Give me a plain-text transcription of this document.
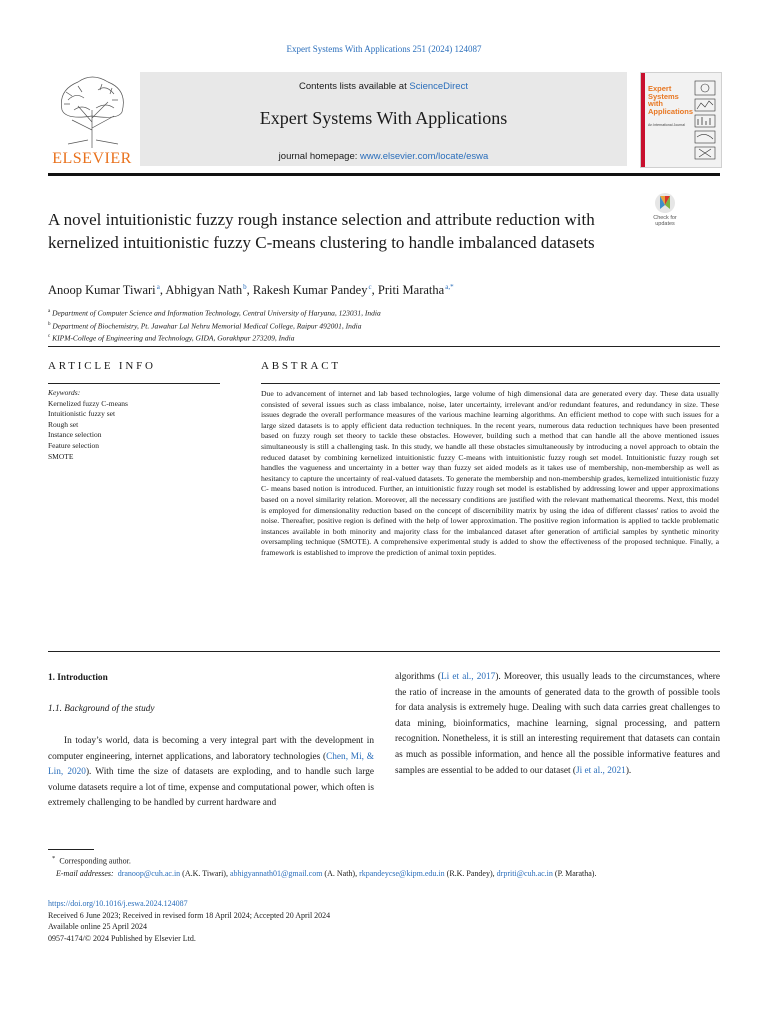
Expert Systems With Applications 251 (2024) 124087
ELSEVIER
Contents lists available at ScienceDirect
Expert Systems With Applications
journal homepage: www.elsevier.com/locate/eswa
Expert Systems with Applications
An International Journal
A novel intuitionistic fuzzy rough instance selection and attribute reduction with kernelized intuitionistic fuzzy C-means clustering to handle imbalanced datasets
Check for updates
Anoop Kumar Tiwari $^a$, Abhigyan Nath $^b$, Rakesh Kumar Pandey $^c$, Priti Maratha $^{a,*}$
$^a$ Department of Computer Science and Information Technology, Central University of Haryana, 123031, India
$^b$ Department of Biochemistry, Pt. Jawahar Lal Nehru Memorial Medical College, Raipur 492001, India
$^c$ KIPM-College of Engineering and Technology, GIDA, Gorakhpur 273209, India
ARTICLE INFO	ABSTRACT
Keywords:
Kernelized fuzzy C-means
Intuitionistic fuzzy set
Rough set
Instance selection
Feature selection
SMOTE
Due to advancement of internet and lab based technologies, large volume of high dimensional data are generated every day. These data usually consisted of several issues such as class imbalance, noise, later uncertainty, irrelevant and/or redundant features, and redundancy in size. These issues degrade the overall performance measures of the various machine learning algorithms. An efficient method to cope with such issues for a large sized datasets is to apply efficient data reduction techniques. In the recent years, numerous data reduction techniques have been presented based on fuzzy rough set theory to tackle these obstacles. However, building such a method that can handle all the above mentioned issues simultaneously is still a challenging task. In this study, we handle all these obstacles simultaneously by introducing a novel approach to obtain the reduced dataset by combining kernelized intuitionistic fuzzy C-means with intuitionistic fuzzy rough set model. Intuitionistic fuzzy rough set handles the vagueness and uncertainty in a better way than fuzzy set aided models as it takes use of membership, non-membership as well as hesitancy to capture the uncertainty of real-valued datasets. To generate the membership and non-membership grades, kernelized intuitionistic fuzzy C- means based notion is introduced. Further, an intuitionistic fuzzy rough set model is established by addressing lower and upper approximations based on a novel similarity relation. Moreover, all the necessary conditions are justified with the relevant mathematical theorems. Next, this model is employed for dimensionality reduction based on the concept of discernibility matrix by using the idea of different classes' ratios to avoid the noise. Thereafter, positive region is defined with the help of lower approximation. The positive region information is applied to tackle problematic instances available in both minority and majority class for the imbalanced dataset after generation of artificial samples by synthetic minority oversampling technique (SMOTE). A comprehensive experimental study is added to show the effectiveness of the proposed technique. Finally, a framework is established to improve the prediction of animal toxin peptides.
1. Introduction
1.1. Background of the study
In today’s world, data is becoming a very integral part with the development in computer engineering, internet applications, and laboratory technologies (Chen, Mi, & Lin, 2020). With time the size of datasets are exploding, and to handle such large volume datasets require a lot of time, expense and computational power, which often is extremely challenging to be handled by current hardware and
algorithms (Li et al., 2017). Moreover, this usually leads to the circumstances, where the ratio of increase in the amounts of generated data to the growth of possible tools for data analysis is extremely huge. Dealing with such data carries great challenges to data mining, bioinformatics, machine learning, signal processing, and pattern recognition. Nonetheless, it is still an interesting requirement that datasets can contain as much as possible information, and hence all the possible informative features and samples are essential to be added to our dataset (Ji et al., 2021).
* Corresponding author.
E-mail addresses: dranoop@cuh.ac.in (A.K. Tiwari), abhigyannath01@gmail.com (A. Nath), rkpandeycse@kipm.edu.in (R.K. Pandey), drpriti@cuh.ac.in (P. Maratha).
https://doi.org/10.1016/j.eswa.2024.124087
Received 6 June 2023; Received in revised form 18 April 2024; Accepted 20 April 2024
Available online 25 April 2024
0957-4174/© 2024 Published by Elsevier Ltd.
